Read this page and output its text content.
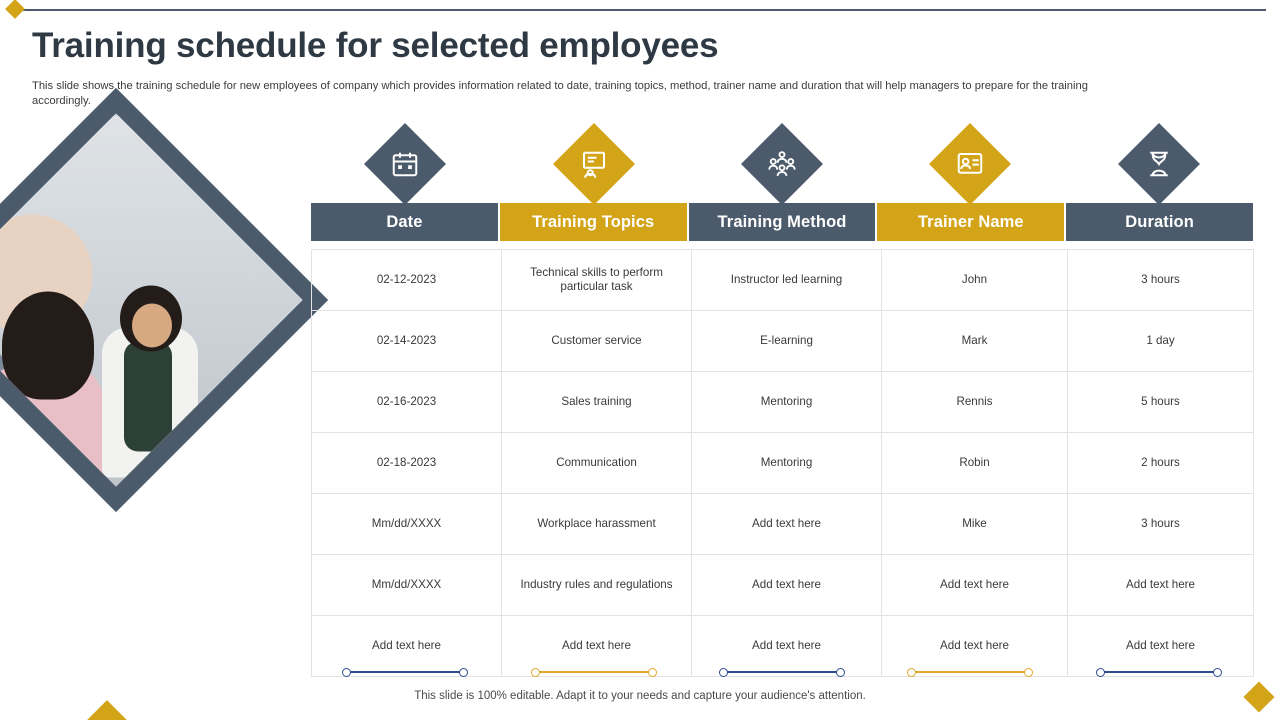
Training schedule for selected employees
This slide shows the training schedule for new employees of company which provides information related to date, training topics, method, trainer name and duration that will help managers to prepare for the training accordingly.
Date	Training Topics	Training Method	Trainer Name	Duration
02-12-2023	Technical skills to perform particular task	Instructor led learning	John	3 hours
02-14-2023	Customer service	E-learning	Mark	1 day
02-16-2023	Sales training	Mentoring	Rennis	5 hours
02-18-2023	Communication	Mentoring	Robin	2 hours
Mm/dd/XXXX	Workplace harassment	Add text here	Mike	3 hours
Mm/dd/XXXX	Industry rules and regulations	Add text here	Add text here	Add text here
Add text here	Add text here	Add text here	Add text here	Add text here
This slide is 100% editable. Adapt it to your needs and capture your audience's attention.
